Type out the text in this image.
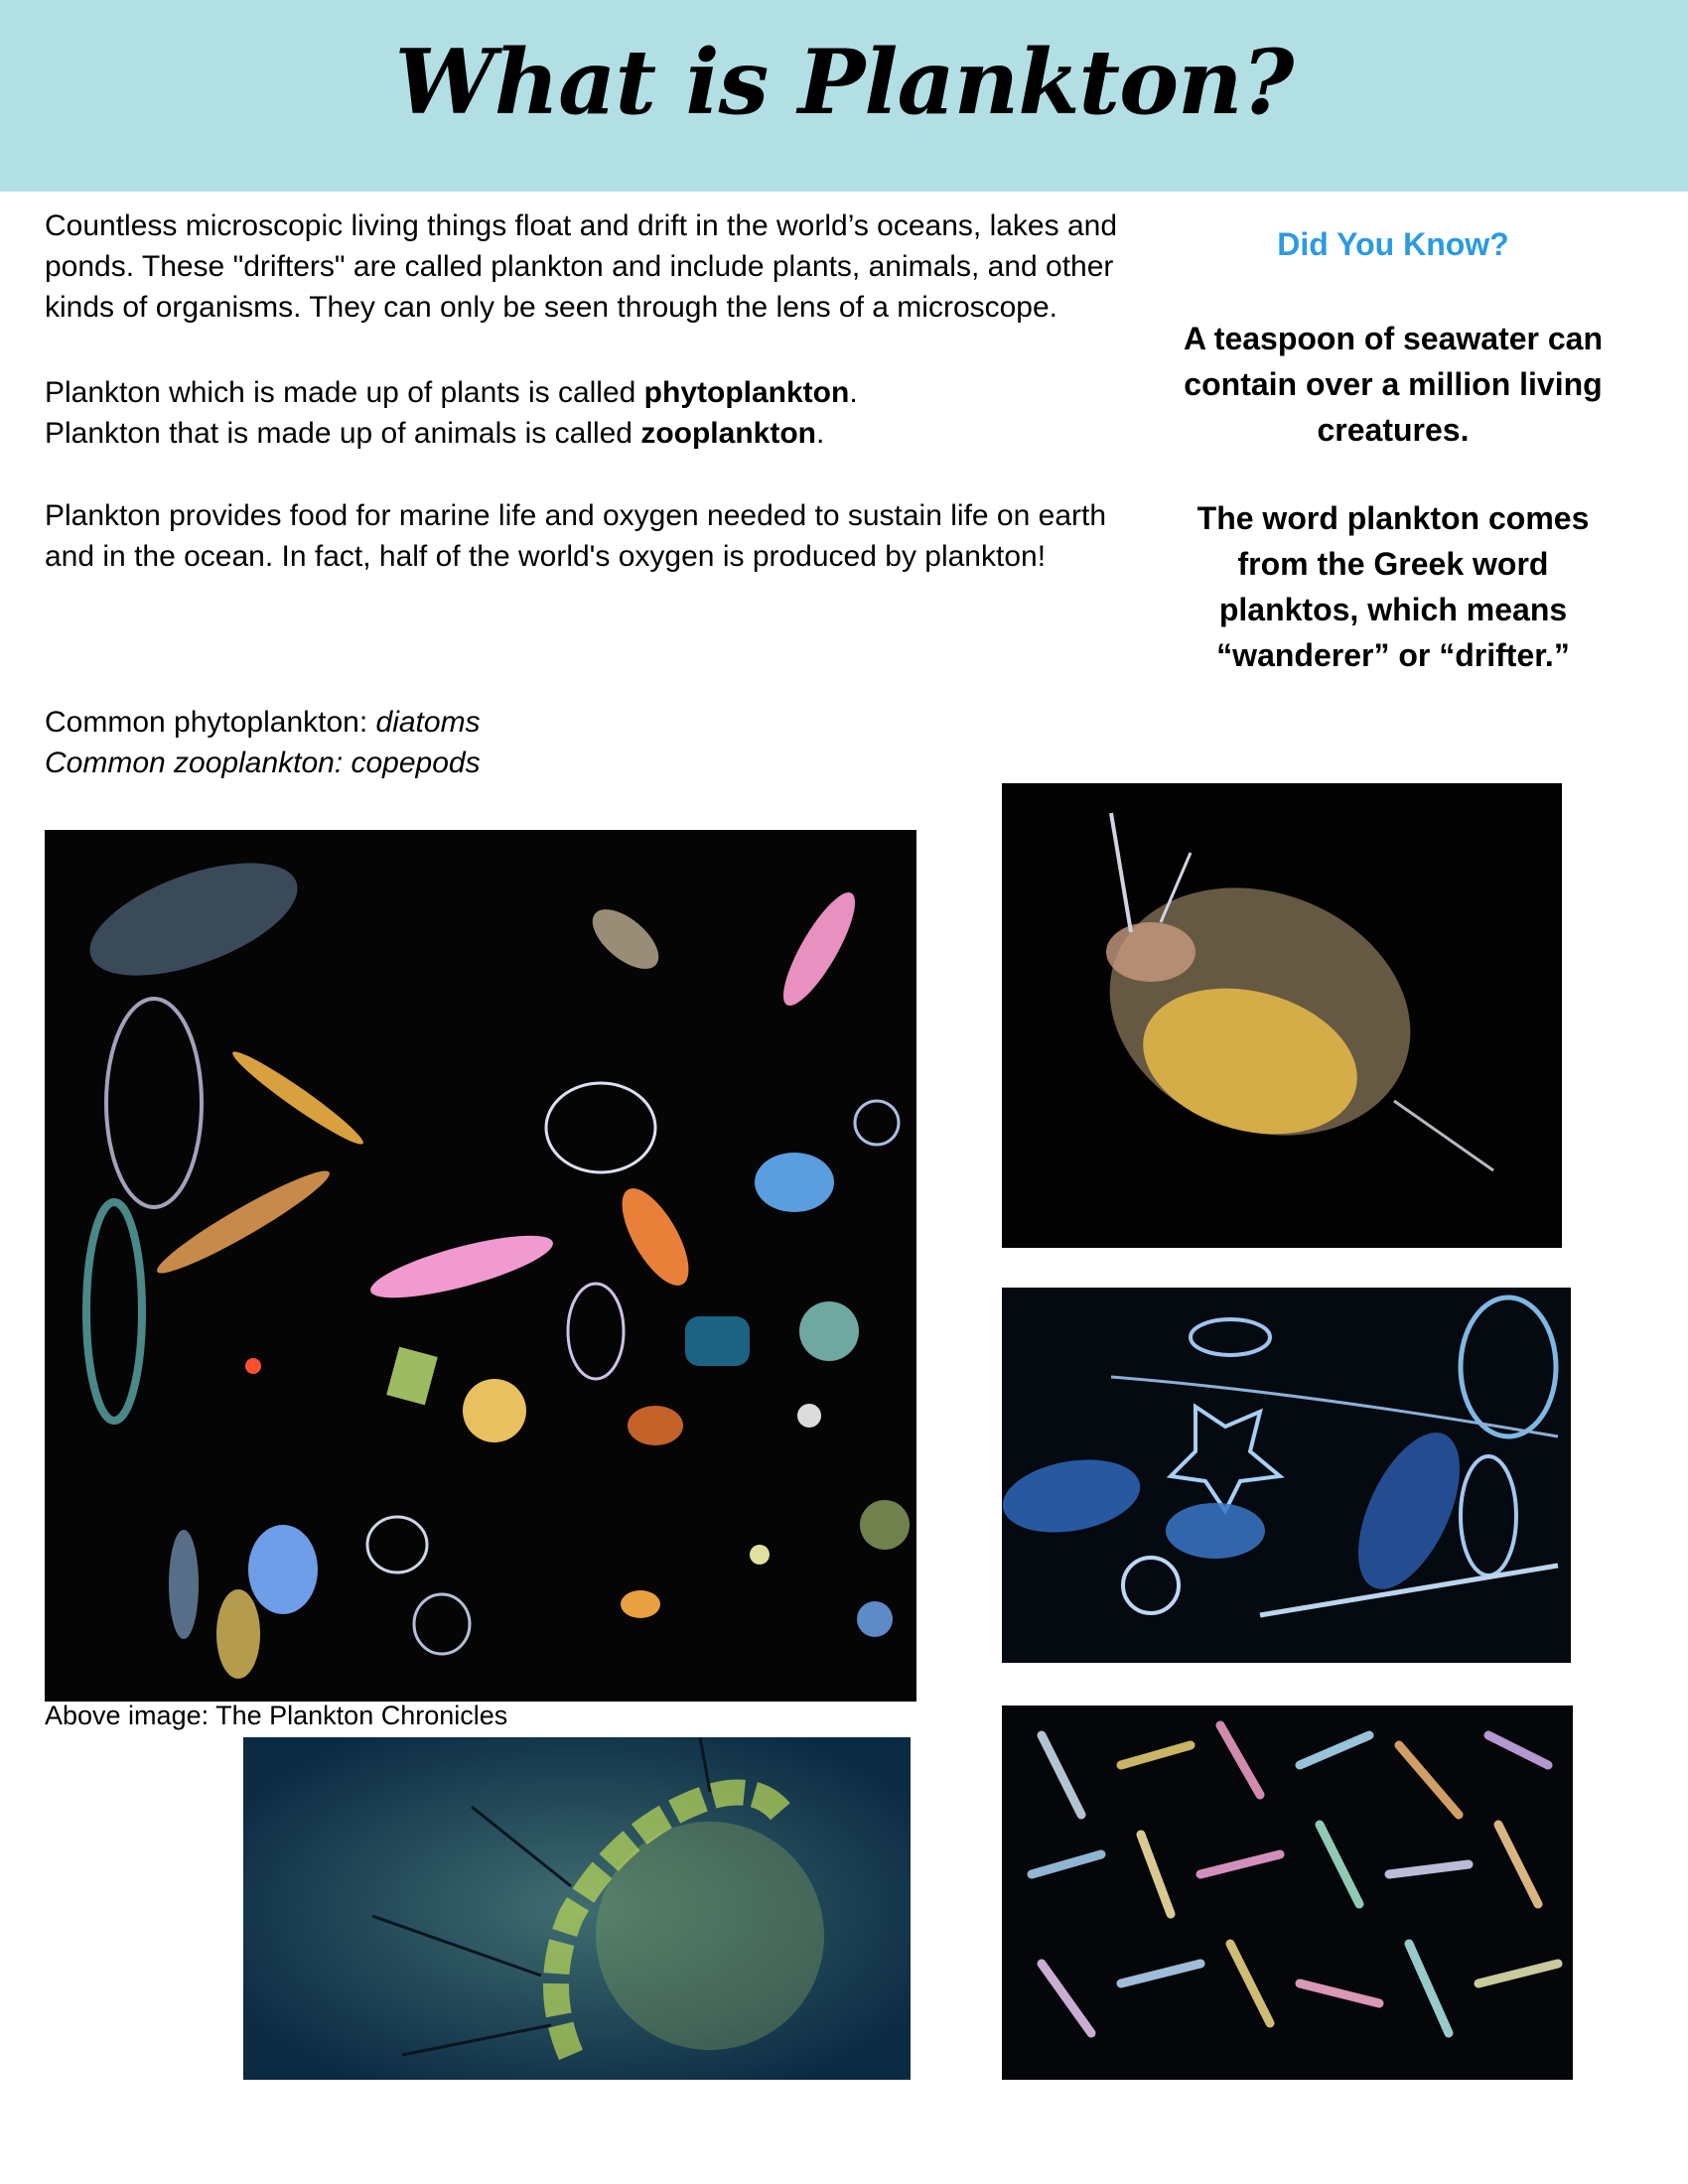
What is Plankton?

Countless microscopic living things float and drift in the world’s oceans, lakes and ponds. These "drifters" are called plankton and include plants, animals, and other kinds of organisms. They can only be seen through the lens of a microscope.

Plankton which is made up of plants is called phytoplankton.

Plankton that is made up of animals is called zooplankton.

Plankton provides food for marine life and oxygen needed to sustain life on earth and in the ocean. In fact, half of the world's oxygen is produced by plankton!

Common phytoplankton: diatoms

Common zooplankton: copepods

Did You Know?
A teaspoon of seawater can contain over a million living creatures.
The word plankton comes from the Greek word planktos, which means “wanderer” or “drifter.”

Above image: The Plankton Chronicles
